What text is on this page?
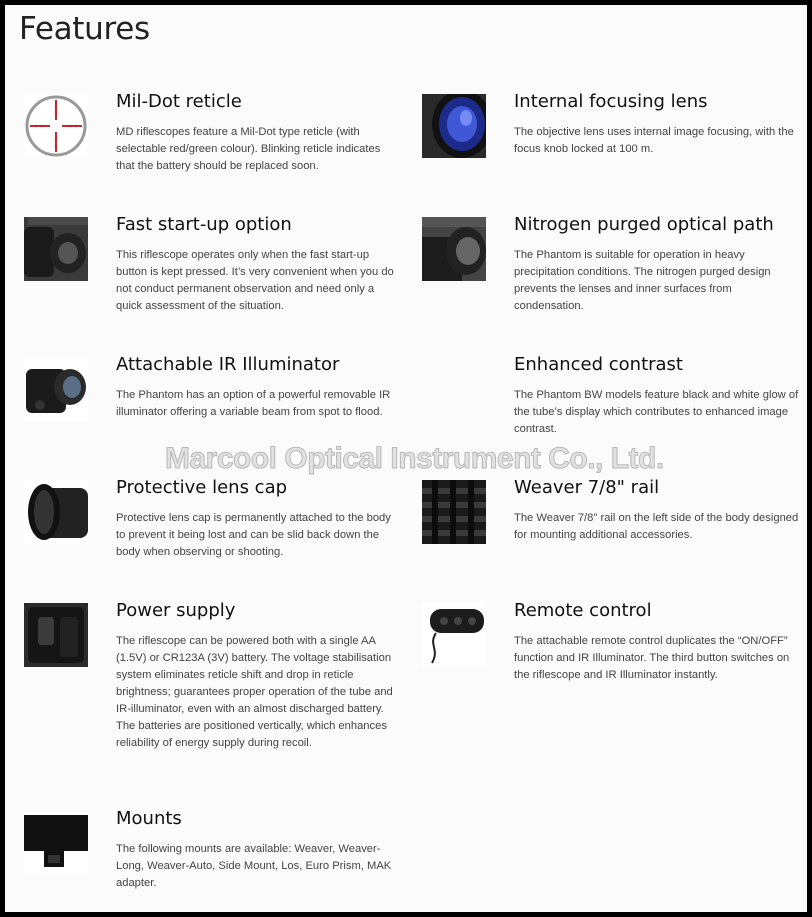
Features
Mil-Dot reticle
MD riflescopes feature a Mil-Dot type reticle (with selectable red/green colour). Blinking reticle indicates that the battery should be replaced soon.
Internal focusing lens
The objective lens uses internal image focusing, with the focus knob locked at 100 m.
Fast start-up option
This riflescope operates only when the fast start-up button is kept pressed. It’s very convenient when you do not conduct permanent observation and need only a quick assessment of the situation.
Nitrogen purged optical path
The Phantom is suitable for operation in heavy precipitation conditions. The nitrogen purged design prevents the lenses and inner surfaces from condensation.
Attachable IR Illuminator
The Phantom has an option of a powerful removable IR illuminator offering a variable beam from spot to flood.
Enhanced contrast
The Phantom BW models feature black and white glow of the tube’s display which contributes to enhanced image contrast.
Protective lens cap
Protective lens cap is permanently attached to the body to prevent it being lost and can be slid back down the body when observing or shooting.
Weaver 7/8" rail
The Weaver 7/8" rail on the left side of the body designed for mounting additional accessories.
Power supply
The riflescope can be powered both with a single AA (1.5V) or CR123A (3V) battery. The voltage stabilisation system eliminates reticle shift and drop in reticle brightness; guarantees proper operation of the tube and IR-illuminator, even with an almost discharged battery. The batteries are positioned vertically, which enhances reliability of energy supply during recoil.
Remote control
The attachable remote control duplicates the “ON/OFF” function and IR Illuminator. The third button switches on the riflescope and IR Illuminator instantly.
Mounts
The following mounts are available: Weaver, Weaver-Long, Weaver-Auto, Side Mount, Los, Euro Prism, MAK adapter.
Marcool Optical Instrument Co., Ltd.
